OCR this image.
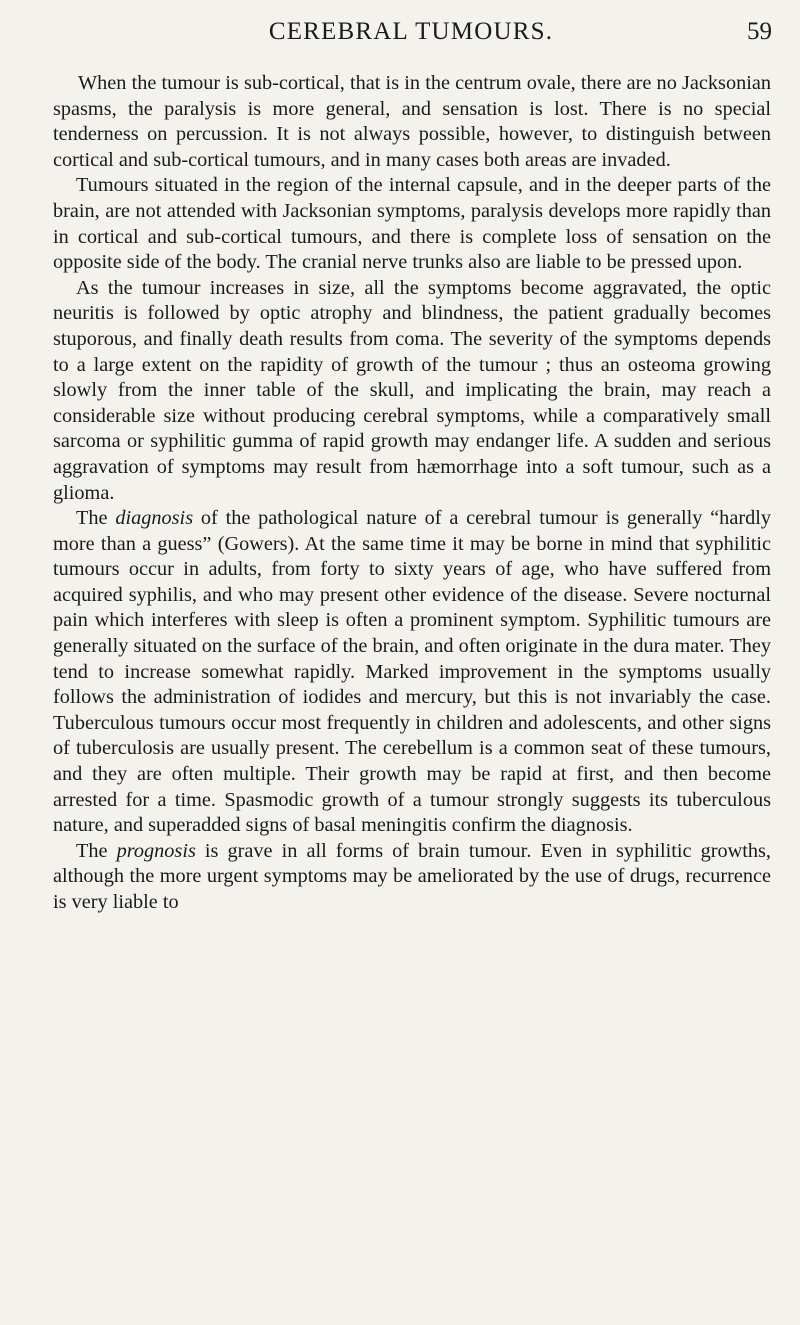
CEREBRAL TUMOURS.	59

When the tumour is sub-cortical, that is in the centrum ovale, there are no Jacksonian spasms, the paralysis is more general, and sensation is lost. There is no special tenderness on percussion. It is not always possible, however, to distinguish between cortical and sub-cortical tumours, and in many cases both areas are invaded.

Tumours situated in the region of the internal capsule, and in the deeper parts of the brain, are not attended with Jacksonian symptoms, paralysis develops more rapidly than in cortical and sub-cortical tumours, and there is complete loss of sensation on the opposite side of the body. The cranial nerve trunks also are liable to be pressed upon.

As the tumour increases in size, all the symptoms become aggravated, the optic neuritis is followed by optic atrophy and blindness, the patient gradually becomes stuporous, and finally death results from coma. The severity of the symptoms depends to a large extent on the rapidity of growth of the tumour ; thus an osteoma growing slowly from the inner table of the skull, and implicating the brain, may reach a considerable size without producing cerebral symptoms, while a comparatively small sarcoma or syphilitic gumma of rapid growth may endanger life. A sudden and serious aggravation of symptoms may result from hæmorrhage into a soft tumour, such as a glioma.

The diagnosis of the pathological nature of a cerebral tumour is generally “hardly more than a guess” (Gowers). At the same time it may be borne in mind that syphilitic tumours occur in adults, from forty to sixty years of age, who have suffered from acquired syphilis, and who may present other evidence of the disease. Severe nocturnal pain which interferes with sleep is often a prominent symptom. Syphilitic tumours are generally situated on the surface of the brain, and often originate in the dura mater. They tend to increase somewhat rapidly. Marked improvement in the symptoms usually follows the administration of iodides and mercury, but this is not invariably the case. Tuberculous tumours occur most frequently in children and adolescents, and other signs of tuberculosis are usually present. The cerebellum is a common seat of these tumours, and they are often multiple. Their growth may be rapid at first, and then become arrested for a time. Spasmodic growth of a tumour strongly suggests its tuberculous nature, and superadded signs of basal meningitis confirm the diagnosis.

The prognosis is grave in all forms of brain tumour. Even in syphilitic growths, although the more urgent symptoms may be ameliorated by the use of drugs, recurrence is very liable to
